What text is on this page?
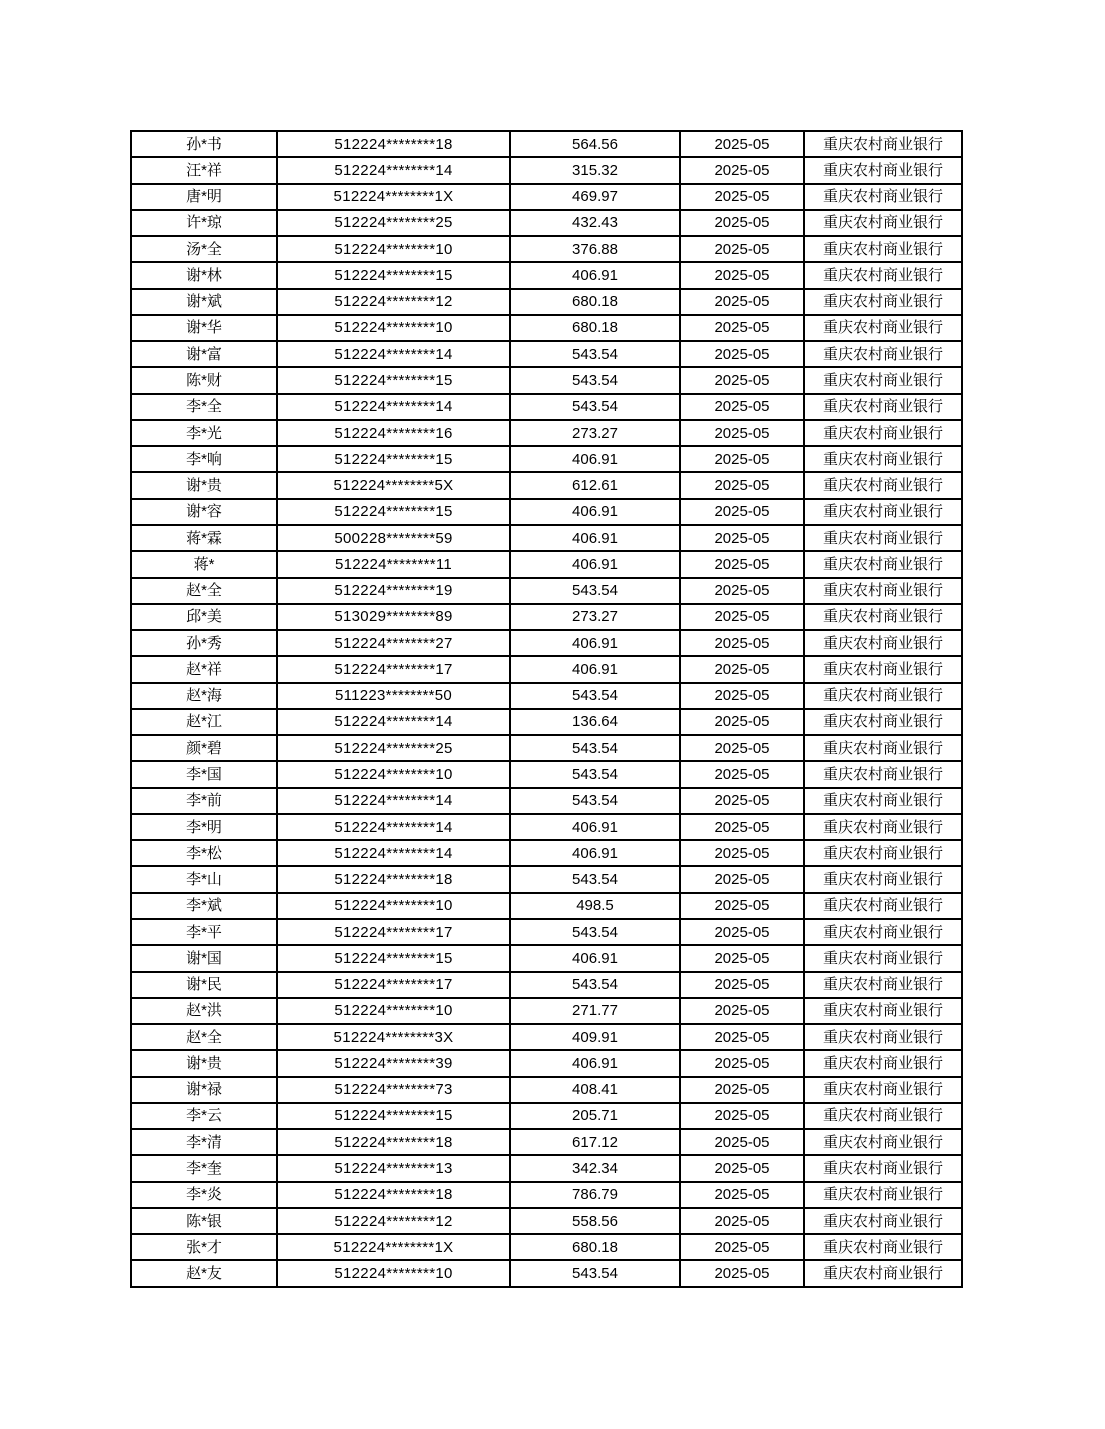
孙*书	512224********18	564.56	2025-05	重庆农村商业银行
汪*祥	512224********14	315.32	2025-05	重庆农村商业银行
唐*明	512224********1X	469.97	2025-05	重庆农村商业银行
许*琼	512224********25	432.43	2025-05	重庆农村商业银行
汤*全	512224********10	376.88	2025-05	重庆农村商业银行
谢*林	512224********15	406.91	2025-05	重庆农村商业银行
谢*斌	512224********12	680.18	2025-05	重庆农村商业银行
谢*华	512224********10	680.18	2025-05	重庆农村商业银行
谢*富	512224********14	543.54	2025-05	重庆农村商业银行
陈*财	512224********15	543.54	2025-05	重庆农村商业银行
李*全	512224********14	543.54	2025-05	重庆农村商业银行
李*光	512224********16	273.27	2025-05	重庆农村商业银行
李*响	512224********15	406.91	2025-05	重庆农村商业银行
谢*贵	512224********5X	612.61	2025-05	重庆农村商业银行
谢*容	512224********15	406.91	2025-05	重庆农村商业银行
蒋*霖	500228********59	406.91	2025-05	重庆农村商业银行
蒋*	512224********11	406.91	2025-05	重庆农村商业银行
赵*全	512224********19	543.54	2025-05	重庆农村商业银行
邱*美	513029********89	273.27	2025-05	重庆农村商业银行
孙*秀	512224********27	406.91	2025-05	重庆农村商业银行
赵*祥	512224********17	406.91	2025-05	重庆农村商业银行
赵*海	511223********50	543.54	2025-05	重庆农村商业银行
赵*江	512224********14	136.64	2025-05	重庆农村商业银行
颜*碧	512224********25	543.54	2025-05	重庆农村商业银行
李*国	512224********10	543.54	2025-05	重庆农村商业银行
李*前	512224********14	543.54	2025-05	重庆农村商业银行
李*明	512224********14	406.91	2025-05	重庆农村商业银行
李*松	512224********14	406.91	2025-05	重庆农村商业银行
李*山	512224********18	543.54	2025-05	重庆农村商业银行
李*斌	512224********10	498.5	2025-05	重庆农村商业银行
李*平	512224********17	543.54	2025-05	重庆农村商业银行
谢*国	512224********15	406.91	2025-05	重庆农村商业银行
谢*民	512224********17	543.54	2025-05	重庆农村商业银行
赵*洪	512224********10	271.77	2025-05	重庆农村商业银行
赵*全	512224********3X	409.91	2025-05	重庆农村商业银行
谢*贵	512224********39	406.91	2025-05	重庆农村商业银行
谢*禄	512224********73	408.41	2025-05	重庆农村商业银行
李*云	512224********15	205.71	2025-05	重庆农村商业银行
李*清	512224********18	617.12	2025-05	重庆农村商业银行
李*奎	512224********13	342.34	2025-05	重庆农村商业银行
李*炎	512224********18	786.79	2025-05	重庆农村商业银行
陈*银	512224********12	558.56	2025-05	重庆农村商业银行
张*才	512224********1X	680.18	2025-05	重庆农村商业银行
赵*友	512224********10	543.54	2025-05	重庆农村商业银行
